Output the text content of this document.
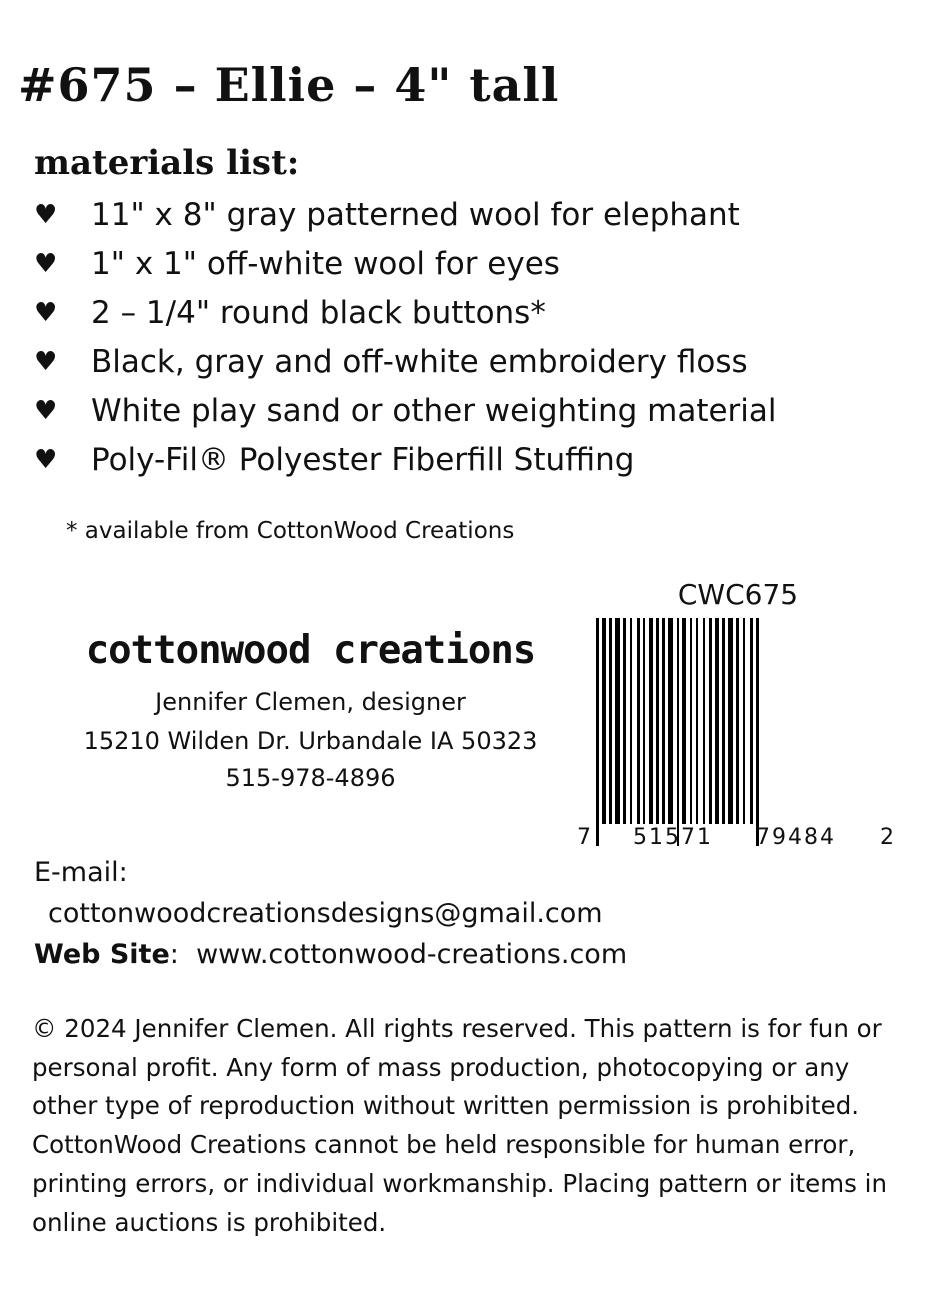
#675 – Ellie – 4" tall
materials list:
♥	11" x 8" gray patterned wool for elephant
♥	1" x 1" off-white wool for eyes
♥	2 – 1/4" round black buttons*
♥	Black, gray and off-white embroidery floss
♥	White play sand or other weighting material
♥	Poly-Fil® Polyester Fiberfill Stuffing
* available from CottonWood Creations
cottonwood creations
Jennifer Clemen, designer
15210 Wilden Dr. Urbandale IA 50323
515-978-4896
CWC675
7 51571 79484 2
E-mail:
cottonwoodcreationsdesigns@gmail.com
Web Site: www.cottonwood-creations.com
© 2024 Jennifer Clemen. All rights reserved. This pattern is for fun or personal profit. Any form of mass production, photocopying or any other type of reproduction without written permission is prohibited. CottonWood Creations cannot be held responsible for human error, printing errors, or individual workmanship. Placing pattern or items in online auctions is prohibited.
